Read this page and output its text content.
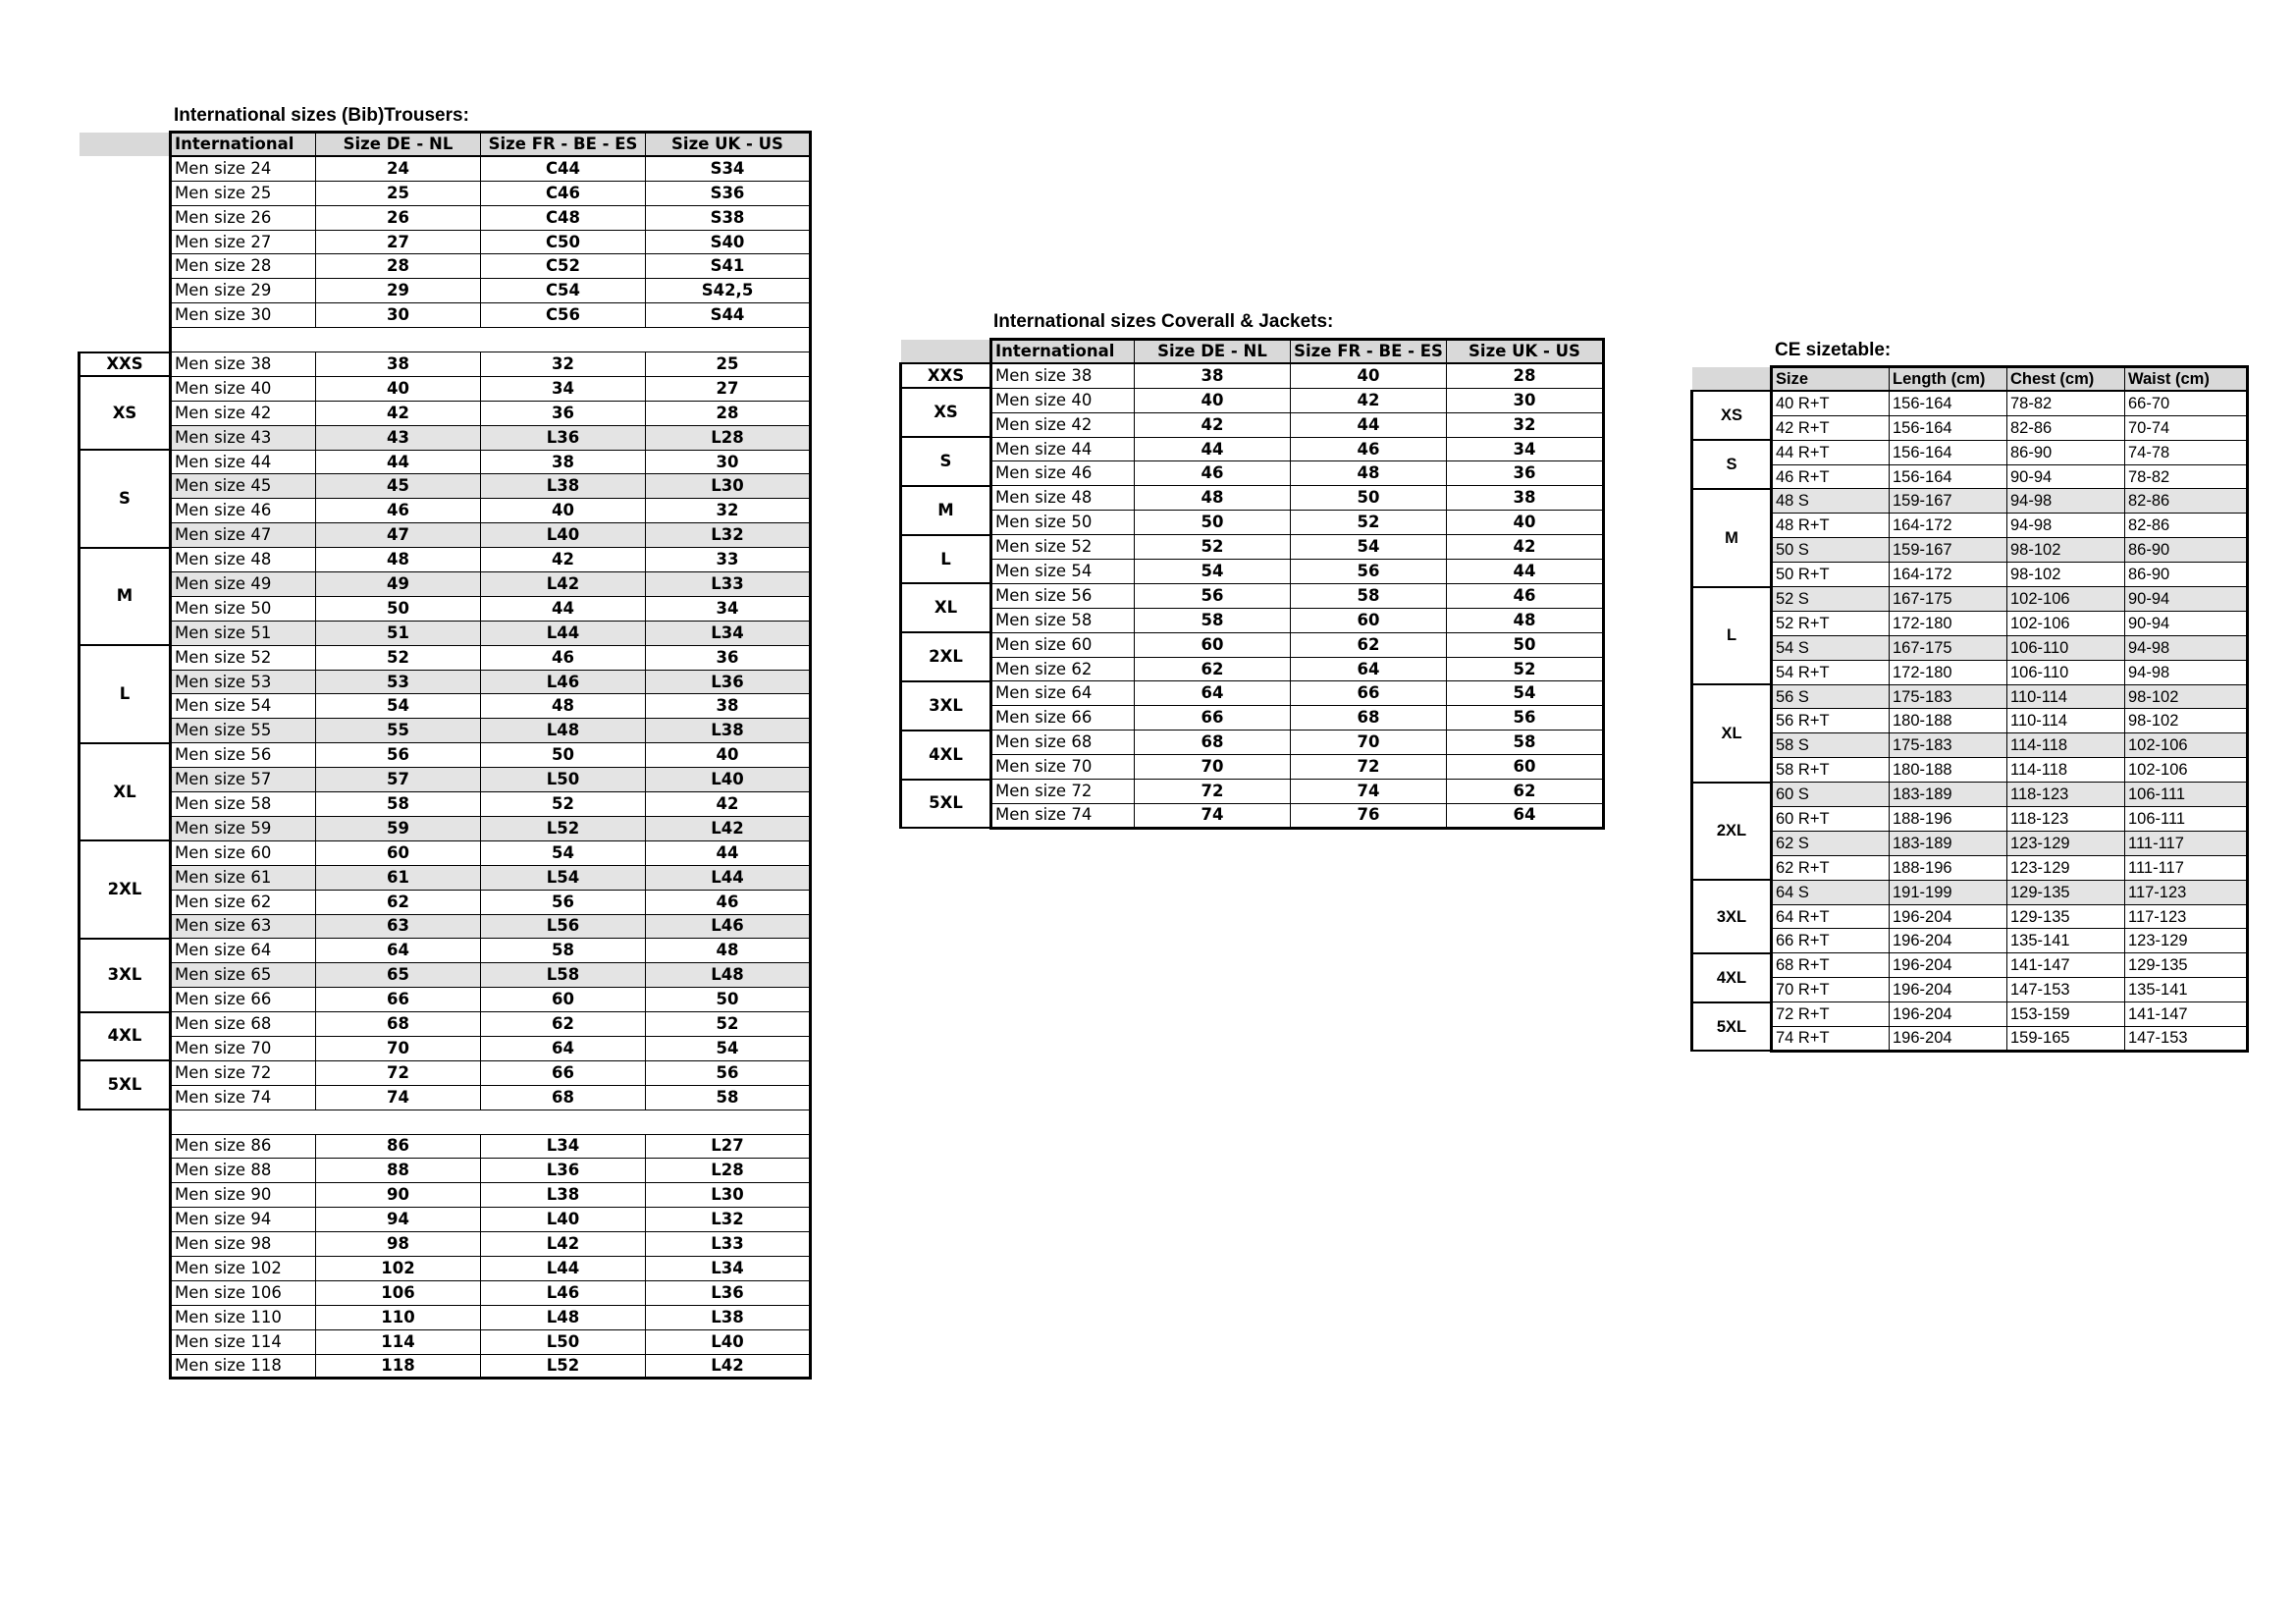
International sizes (Bib)Trousers:
International sizes Coverall & Jackets:
CE sizetable:
	International	Size DE - NL	Size FR - BE - ES	Size UK - US
	Men size 24	24	C44	S34
	Men size 25	25	C46	S36
	Men size 26	26	C48	S38
	Men size 27	27	C50	S40
	Men size 28	28	C52	S41
	Men size 29	29	C54	S42,5
	Men size 30	30	C56	S44

XXS	Men size 38	38	32	25
XS	Men size 40	40	34	27
	Men size 42	42	36	28
	Men size 43	43	L36	L28
S	Men size 44	44	38	30
	Men size 45	45	L38	L30
	Men size 46	46	40	32
	Men size 47	47	L40	L32
M	Men size 48	48	42	33
	Men size 49	49	L42	L33
	Men size 50	50	44	34
	Men size 51	51	L44	L34
L	Men size 52	52	46	36
	Men size 53	53	L46	L36
	Men size 54	54	48	38
	Men size 55	55	L48	L38
XL	Men size 56	56	50	40
	Men size 57	57	L50	L40
	Men size 58	58	52	42
	Men size 59	59	L52	L42
2XL	Men size 60	60	54	44
	Men size 61	61	L54	L44
	Men size 62	62	56	46
	Men size 63	63	L56	L46
3XL	Men size 64	64	58	48
	Men size 65	65	L58	L48
	Men size 66	66	60	50
4XL	Men size 68	68	62	52
	Men size 70	70	64	54
5XL	Men size 72	72	66	56
	Men size 74	74	68	58

	Men size 86	86	L34	L27
	Men size 88	88	L36	L28
	Men size 90	90	L38	L30
	Men size 94	94	L40	L32
	Men size 98	98	L42	L33
	Men size 102	102	L44	L34
	Men size 106	106	L46	L36
	Men size 110	110	L48	L38
	Men size 114	114	L50	L40
	Men size 118	118	L52	L42
	International	Size DE - NL	Size FR - BE - ES	Size UK - US
XXS	Men size 38	38	40	28
XS	Men size 40	40	42	30
	Men size 42	42	44	32
S	Men size 44	44	46	34
	Men size 46	46	48	36
M	Men size 48	48	50	38
	Men size 50	50	52	40
L	Men size 52	52	54	42
	Men size 54	54	56	44
XL	Men size 56	56	58	46
	Men size 58	58	60	48
2XL	Men size 60	60	62	50
	Men size 62	62	64	52
3XL	Men size 64	64	66	54
	Men size 66	66	68	56
4XL	Men size 68	68	70	58
	Men size 70	70	72	60
5XL	Men size 72	72	74	62
	Men size 74	74	76	64
	Size	Length (cm)	Chest (cm)	Waist (cm)
XS	40 R+T	156-164	78-82	66-70
	42 R+T	156-164	82-86	70-74
S	44 R+T	156-164	86-90	74-78
	46 R+T	156-164	90-94	78-82
M	48 S	159-167	94-98	82-86
	48 R+T	164-172	94-98	82-86
	50 S	159-167	98-102	86-90
	50 R+T	164-172	98-102	86-90
L	52 S	167-175	102-106	90-94
	52 R+T	172-180	102-106	90-94
	54 S	167-175	106-110	94-98
	54 R+T	172-180	106-110	94-98
XL	56 S	175-183	110-114	98-102
	56 R+T	180-188	110-114	98-102
	58 S	175-183	114-118	102-106
	58 R+T	180-188	114-118	102-106
2XL	60 S	183-189	118-123	106-111
	60 R+T	188-196	118-123	106-111
	62 S	183-189	123-129	111-117
	62 R+T	188-196	123-129	111-117
3XL	64 S	191-199	129-135	117-123
	64 R+T	196-204	129-135	117-123
	66 R+T	196-204	135-141	123-129
4XL	68 R+T	196-204	141-147	129-135
	70 R+T	196-204	147-153	135-141
5XL	72 R+T	196-204	153-159	141-147
	74 R+T	196-204	159-165	147-153
